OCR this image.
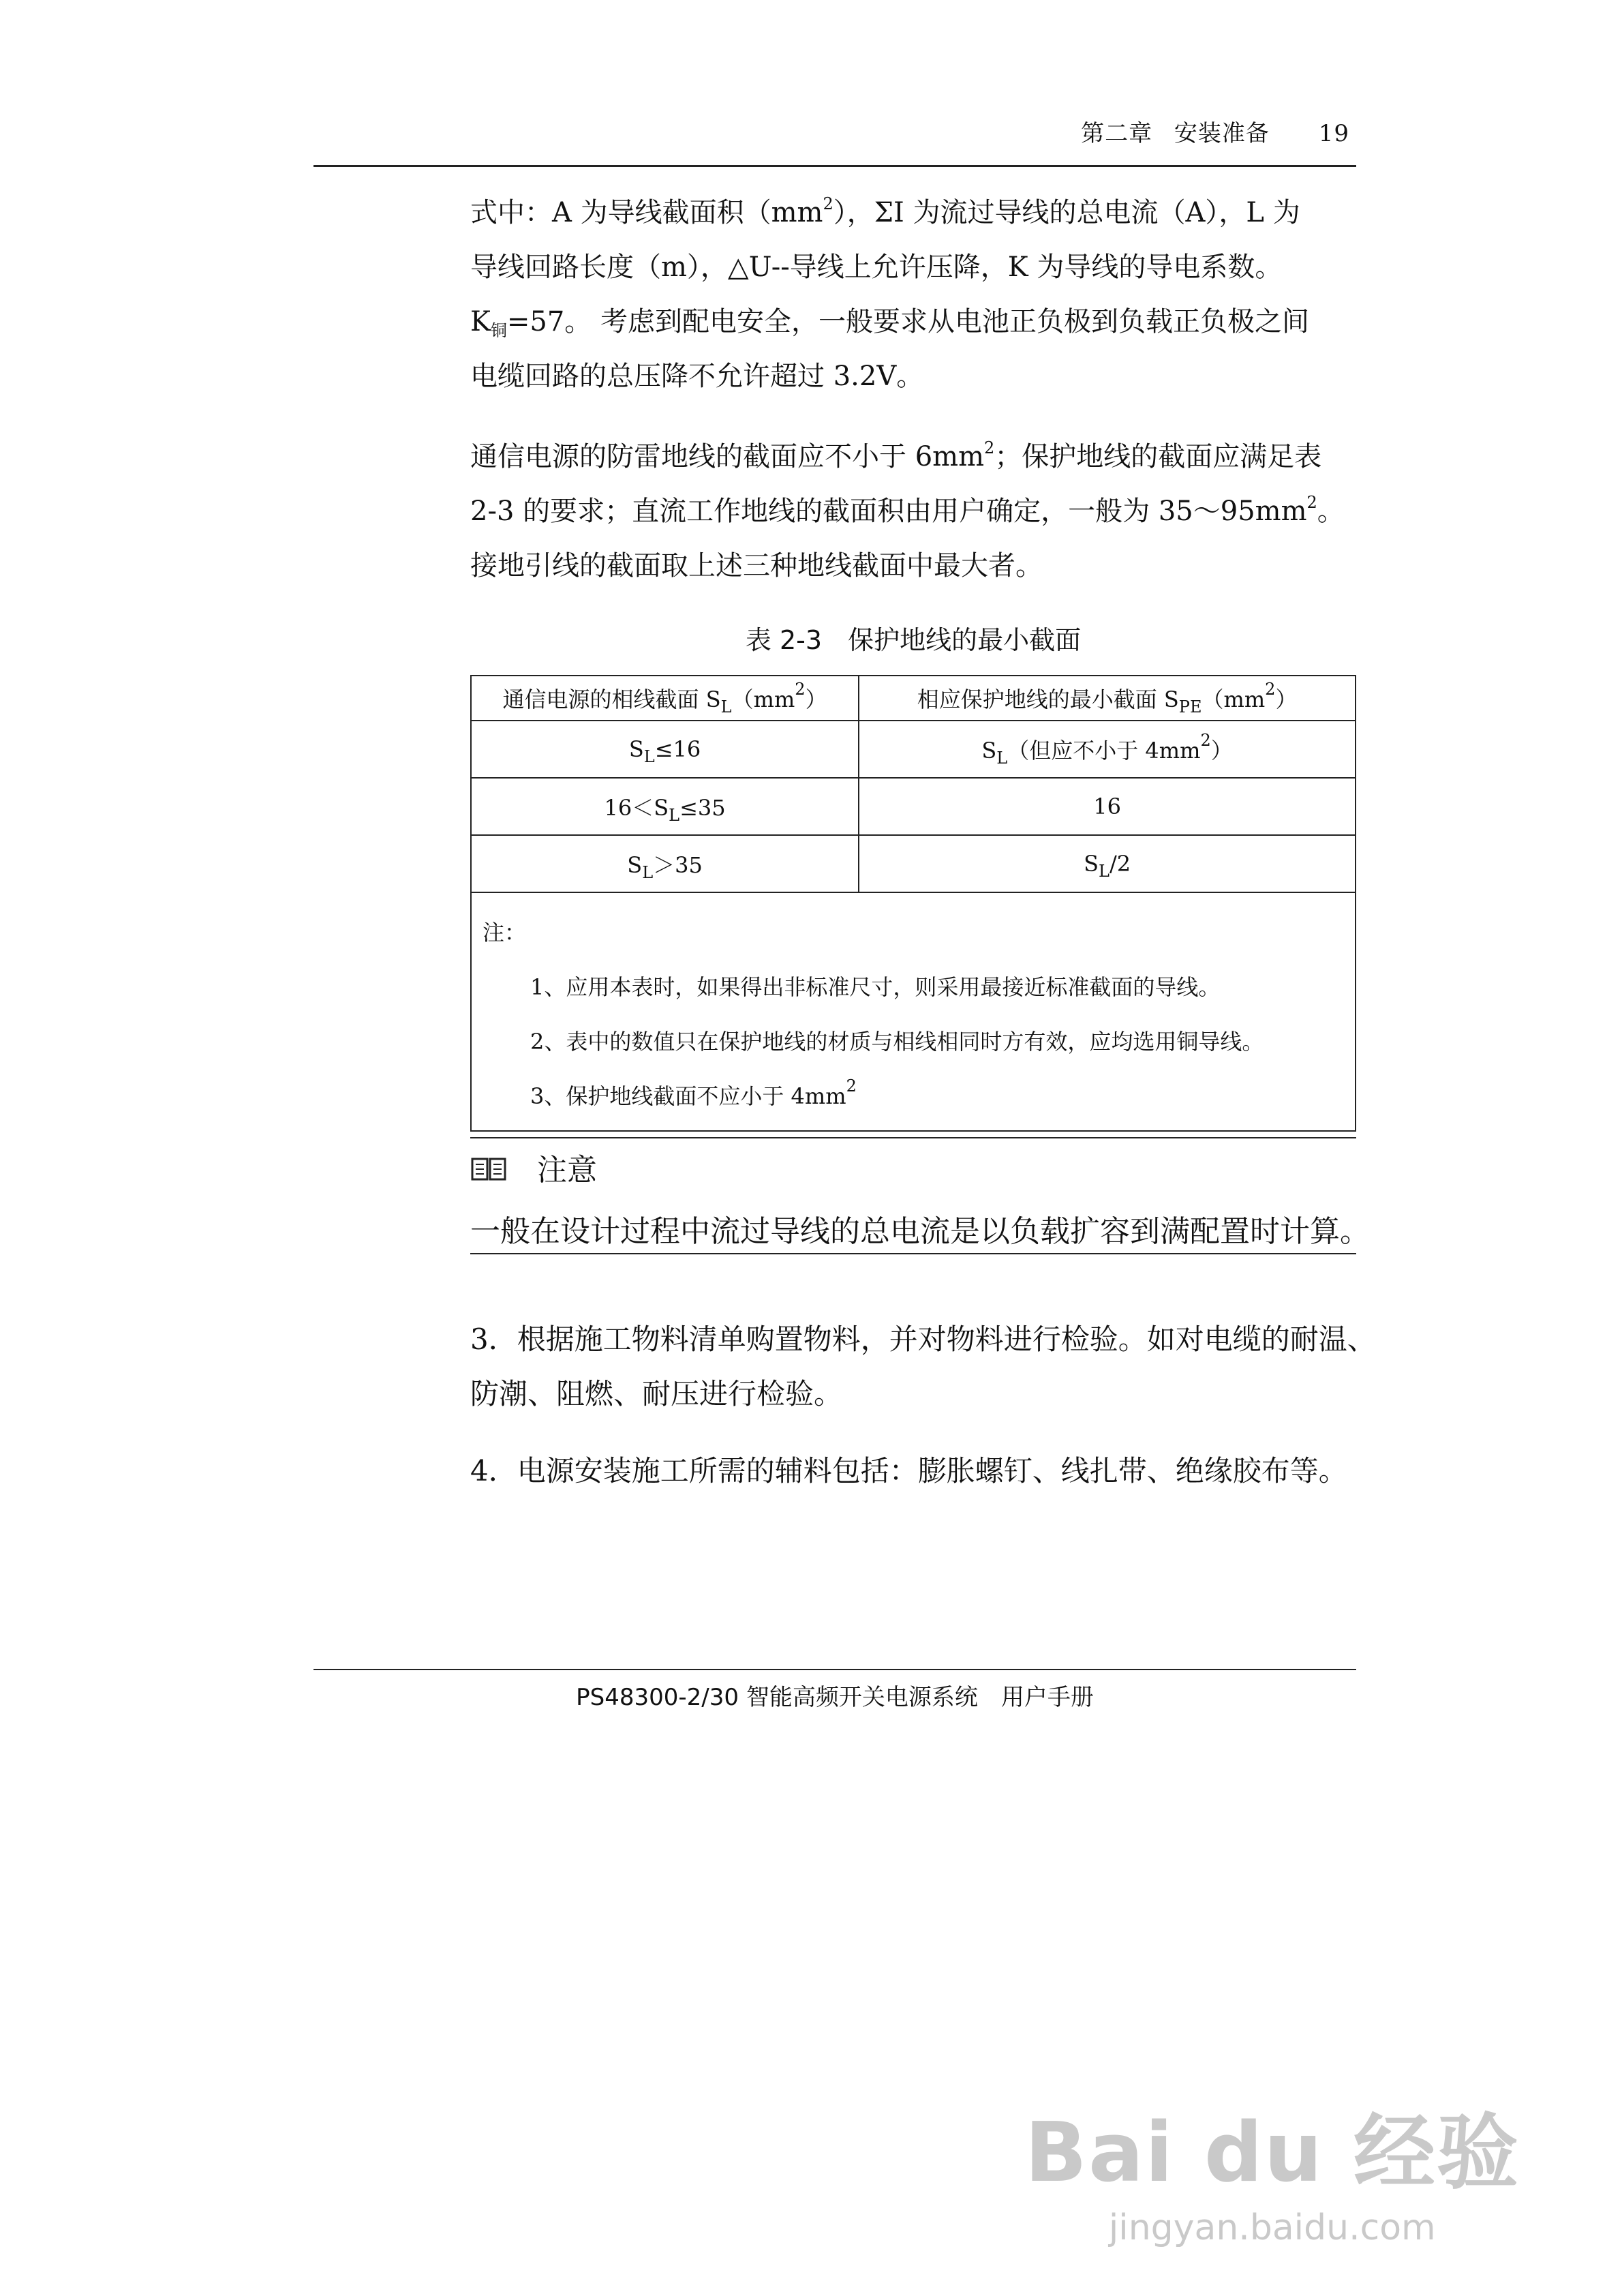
第二章 安装准备 19

式中：A 为导线截面积$(mm^2)$，ΣI 为流过导线的总电流（A），L 为

导线回路长度（m），△U--导线上允许压降，K 为导线的导电系数。

$K_铜=57$。 考虑到配电安全，一般要求从电池正负极到负载正负极之间

电缆回路的总压降不允许超过 3.2V。

通信电源的防雷地线的截面应不小于 $6mm^2$；保护地线的截面应满足表

2-3 的要求；直流工作地线的截面积由用户确定，一般为 $35\sim 95mm^2$。

接地引线的截面取上述三种地线截面中最大者。

表 2-3　保护地线的最小截面
通信电源的相线截面 $S_L(mm^2)$	相应保护地线的最小截面 $S_{PE}(mm^2)$
$S_L\le 16$	$S_L$（但应不小于 $4mm^2$）
$16<S_L\le 35$	16
$S_L>35$	$S_L/2$

注：
1、应用本表时，如果得出非标准尺寸，则采用最接近标准截面的导线。
2、表中的数值只在保护地线的材质与相线相同时方有效，应均选用铜导线。
3、保护地线截面不应小于 $4mm^2$
注意
一般在设计过程中流过导线的总电流是以负载扩容到满配置时计算。

3．根据施工物料清单购置物料，并对物料进行检验。如对电缆的耐温、

防潮、阻燃、耐压进行检验。

4．电源安装施工所需的辅料包括：膨胀螺钉、线扎带、绝缘胶布等。

PS48300-2/30 智能高频开关电源系统　用户手册
Bai du 经验
jingyan.baidu.com
